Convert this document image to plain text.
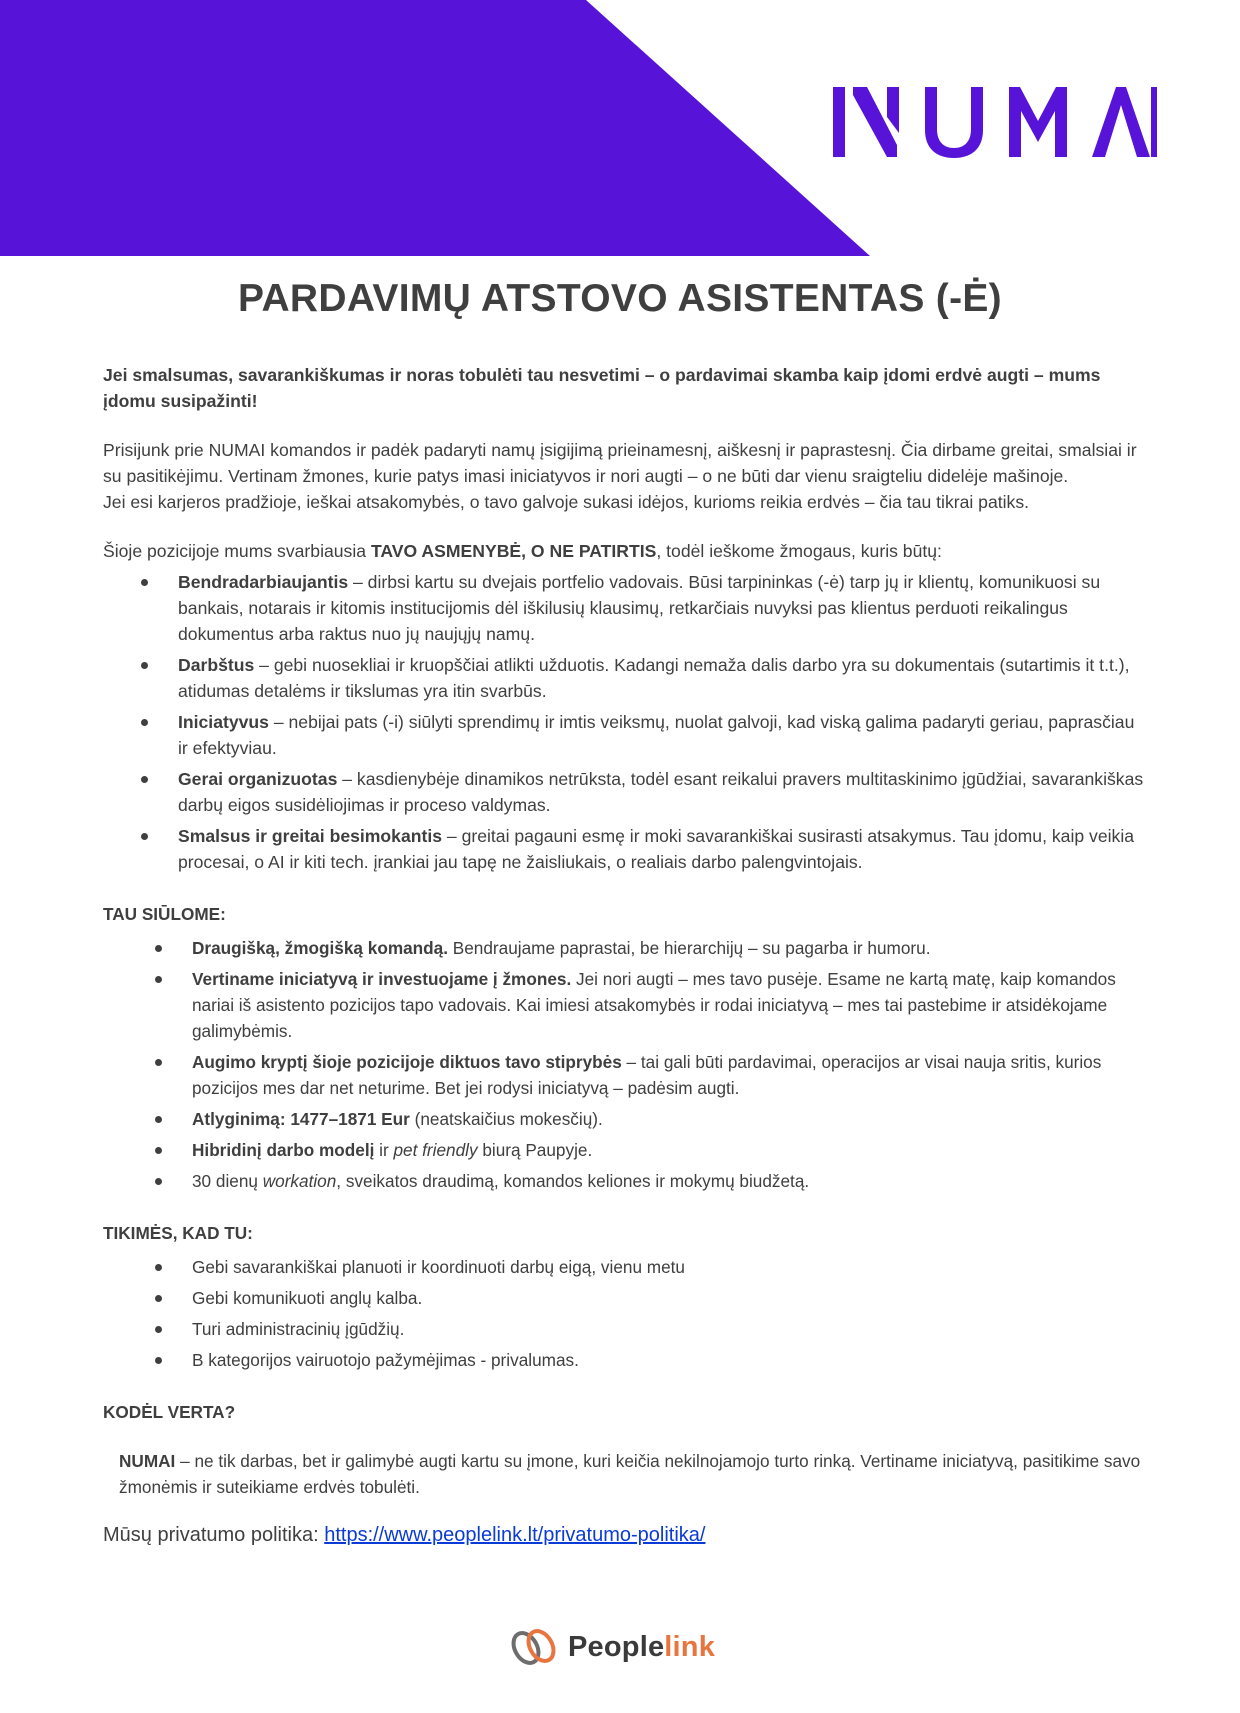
PARDAVIMŲ ATSTOVO ASISTENTAS (-Ė)

Jei smalsumas, savarankiškumas ir noras tobulėti tau nesvetimi – o pardavimai skamba kaip įdomi erdvė augti – mums įdomu susipažinti!

Prisijunk prie NUMAI komandos ir padėk padaryti namų įsigijimą prieinamesnį, aiškesnį ir paprastesnį. Čia dirbame greitai, smalsiai ir su pasitikėjimu. Vertinam žmones, kurie patys imasi iniciatyvos ir nori augti – o ne būti dar vienu sraigteliu didelėje mašinoje.

Jei esi karjeros pradžioje, ieškai atsakomybės, o tavo galvoje sukasi idėjos, kurioms reikia erdvės – čia tau tikrai patiks.

Šioje pozicijoje mums svarbiausia TAVO ASMENYBĖ, O NE PATIRTIS, todėl ieškome žmogaus, kuris būtų:

Bendradarbiaujantis – dirbsi kartu su dvejais portfelio vadovais. Būsi tarpininkas (-ė) tarp jų ir klientų, komunikuosi su bankais, notarais ir kitomis institucijomis dėl iškilusių klausimų, retkarčiais nuvyksi pas klientus perduoti reikalingus dokumentus arba raktus nuo jų naujųjų namų.
Darbštus – gebi nuosekliai ir kruopščiai atlikti užduotis. Kadangi nemaža dalis darbo yra su dokumentais (sutartimis it t.t.), atidumas detalėms ir tikslumas yra itin svarbūs.
Iniciatyvus – nebijai pats (-i) siūlyti sprendimų ir imtis veiksmų, nuolat galvoji, kad viską galima padaryti geriau, paprasčiau ir efektyviau.
Gerai organizuotas – kasdienybėje dinamikos netrūksta, todėl esant reikalui pravers multitaskinimo įgūdžiai, savarankiškas darbų eigos susidėliojimas ir proceso valdymas.
Smalsus ir greitai besimokantis – greitai pagauni esmę ir moki savarankiškai susirasti atsakymus. Tau įdomu, kaip veikia procesai, o AI ir kiti tech. įrankiai jau tapę ne žaisliukais, o realiais darbo palengvintojais.

TAU SIŪLOME:

Draugišką, žmogišką komandą. Bendraujame paprastai, be hierarchijų – su pagarba ir humoru.
Vertiname iniciatyvą ir investuojame į žmones. Jei nori augti – mes tavo pusėje. Esame ne kartą matę, kaip komandos nariai iš asistento pozicijos tapo vadovais. Kai imiesi atsakomybės ir rodai iniciatyvą – mes tai pastebime ir atsidėkojame galimybėmis.
Augimo kryptį šioje pozicijoje diktuos tavo stiprybės – tai gali būti pardavimai, operacijos ar visai nauja sritis, kurios pozicijos mes dar net neturime. Bet jei rodysi iniciatyvą – padėsim augti.
Atlyginimą: 1477–1871 Eur (neatskaičius mokesčių).
Hibridinį darbo modelį ir pet friendly biurą Paupyje.
30 dienų workation, sveikatos draudimą, komandos keliones ir mokymų biudžetą.

TIKIMĖS, KAD TU:

Gebi savarankiškai planuoti ir koordinuoti darbų eigą, vienu metu
Gebi komunikuoti anglų kalba.
Turi administracinių įgūdžių.
B kategorijos vairuotojo pažymėjimas - privalumas.

KODĖL VERTA?

NUMAI – ne tik darbas, bet ir galimybė augti kartu su įmone, kuri keičia nekilnojamojo turto rinką. Vertiname iniciatyvą, pasitikime savo žmonėmis ir suteikiame erdvės tobulėti.

Mūsų privatumo politika: https://www.peoplelink.lt/privatumo-politika/

Peoplelink
